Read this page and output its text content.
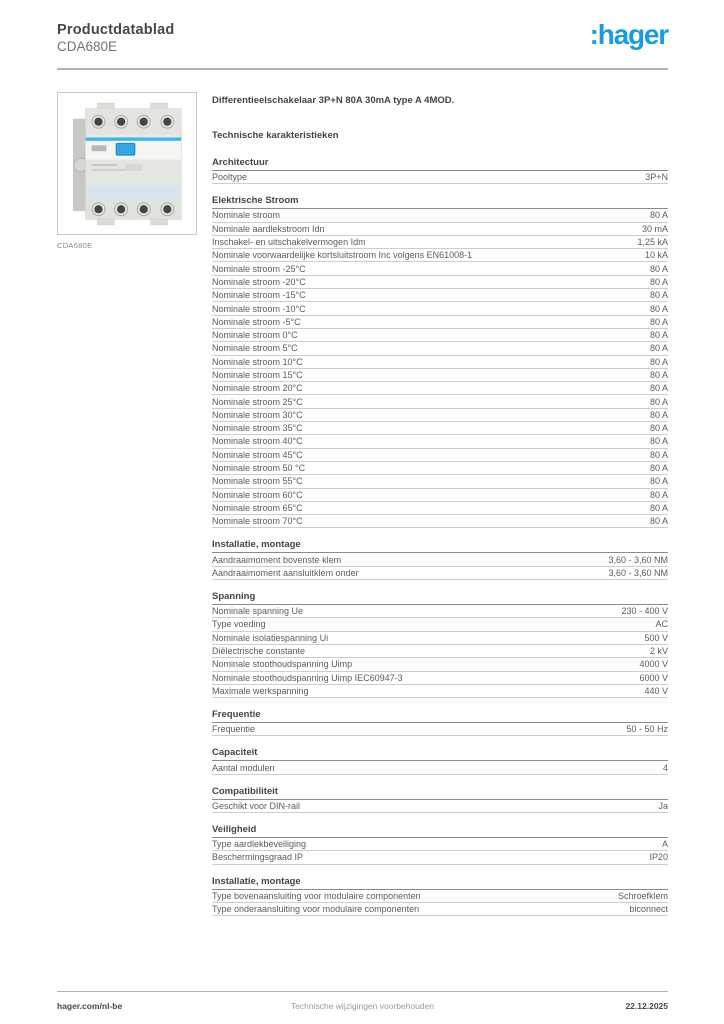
Productdatablad
CDA680E	:hager
CDA680E
Differentieelschakelaar 3P+N 80A 30mA type A 4MOD.
Technische karakteristieken
Architectuur
Pooltype	3P+N
Elektrische Stroom
Nominale stroom	80 A
Nominale aardlekstroom Idn	30 mA
Inschakel- en uitschakelvermogen Idm	1,25 kA
Nominale voorwaardelijke kortsluitstroom Inc volgens EN61008-1	10 kA
Nominale stroom -25°C	80 A
Nominale stroom -20°C	80 A
Nominale stroom -15°C	80 A
Nominale stroom -10°C	80 A
Nominale stroom -5°C	80 A
Nominale stroom 0°C	80 A
Nominale stroom 5°C	80 A
Nominale stroom 10°C	80 A
Nominale stroom 15°C	80 A
Nominale stroom 20°C	80 A
Nominale stroom 25°C	80 A
Nominale stroom 30°C	80 A
Nominale stroom 35°C	80 A
Nominale stroom 40°C	80 A
Nominale stroom 45°C	80 A
Nominale stroom 50 °C	80 A
Nominale stroom 55°C	80 A
Nominale stroom 60°C	80 A
Nominale stroom 65°C	80 A
Nominale stroom 70°C	80 A
Installatie, montage
Aandraaimoment bovenste klem	3,60 - 3,60 NM
Aandraaimoment aansluitklem onder	3,60 - 3,60 NM
Spanning
Nominale spanning Ue	230 - 400 V
Type voeding	AC
Nominale isolatiespanning Ui	500 V
Diëlectrische constante	2 kV
Nominale stoothoudspanning Uimp	4000 V
Nominale stoothoudspanning Uimp IEC60947-3	6000 V
Maximale werkspanning	440 V
Frequentie
Frequentie	50 - 50 Hz
Capaciteit
Aantal modulen	4
Compatibiliteit
Geschikt voor DIN-rail	Ja
Veiligheid
Type aardlekbeveiliging	A
Beschermingsgraad IP	IP20
Installatie, montage
Type bovenaansluiting voor modulaire componenten	Schroefklem
Type onderaansluiting voor modulaire componenten	biconnect
hager.com/nl-be	Technische wijzigingen voorbehouden	22.12.2025
